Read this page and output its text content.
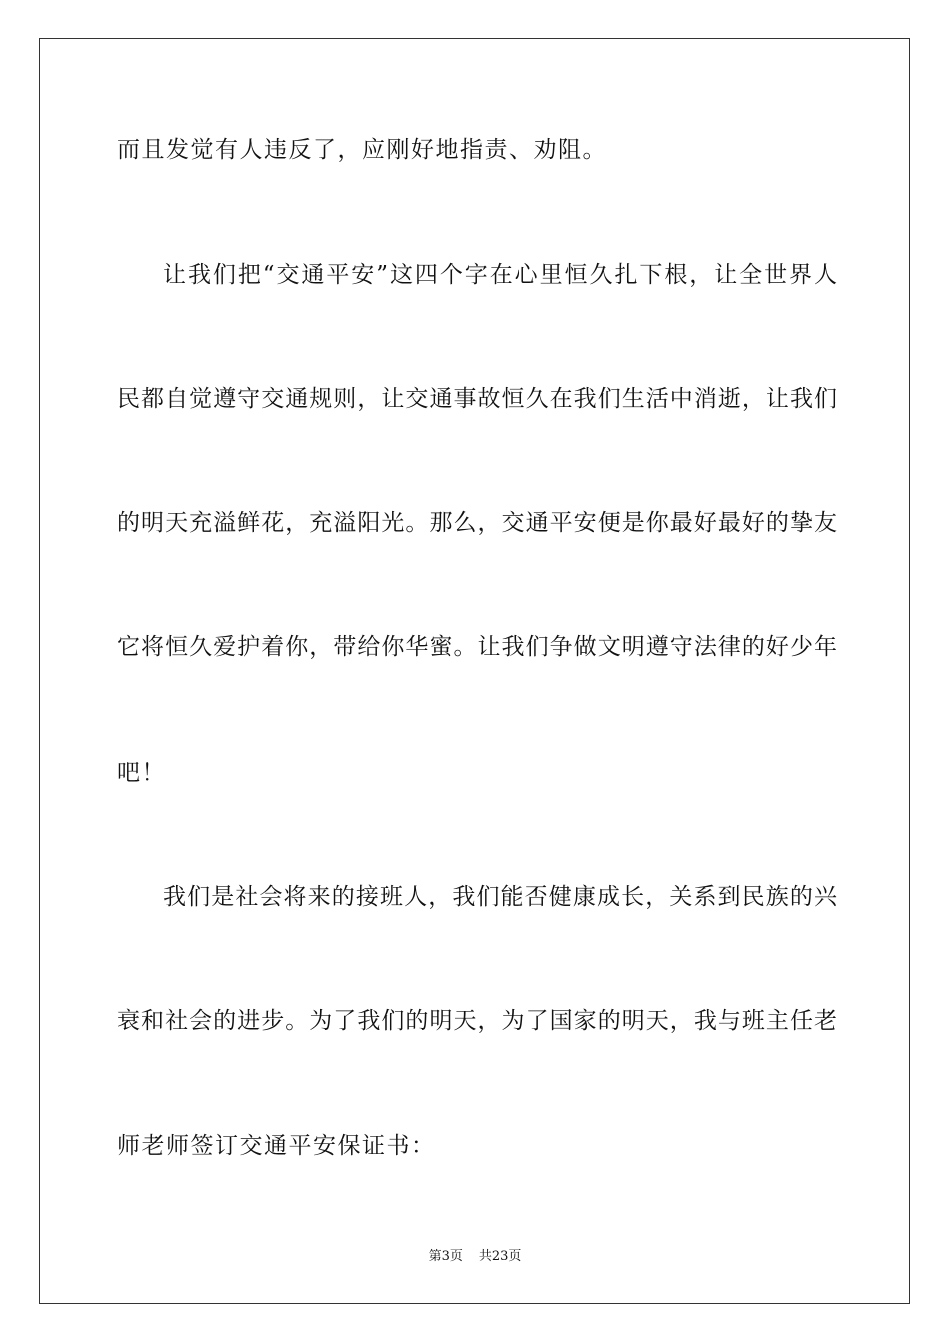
而且发觉有人违反了，应刚好地指责、劝阻。
让我们把“交通平安”这四个字在心里恒久扎下根，让全世界人
民都自觉遵守交通规则，让交通事故恒久在我们生活中消逝，让我们
的明天充溢鲜花，充溢阳光。那么，交通平安便是你最好最好的挚友
它将恒久爱护着你，带给你华蜜。让我们争做文明遵守法律的好少年
吧！
我们是社会将来的接班人，我们能否健康成长，关系到民族的兴
衰和社会的进步。为了我们的明天，为了国家的明天，我与班主任老
师老师签订交通平安保证书：
第3页 共23页
